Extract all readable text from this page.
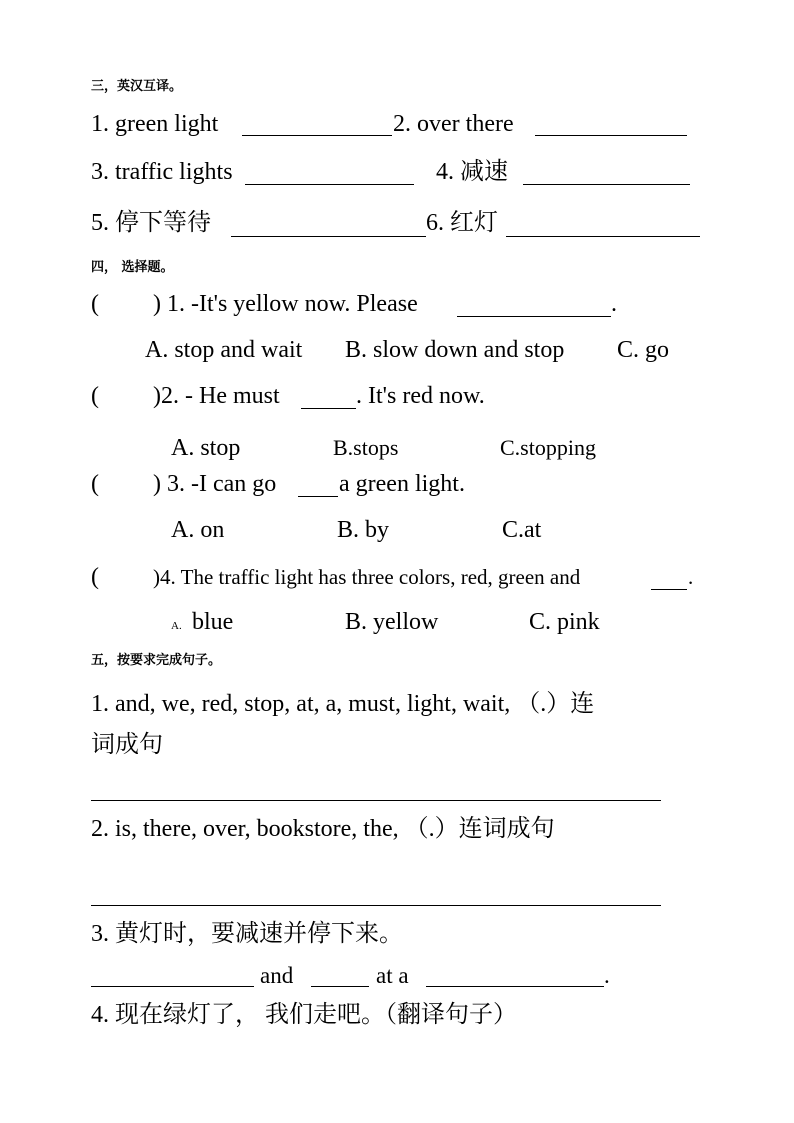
三，英汉互译。
1. green light	2. over there
3. traffic lights	4. 减速
5. 停下等待	6. 红灯
四， 选择题。
( ) 1. -It's yellow now. Please	.
A. stop and wait B. slow down and stop C. go
( )2. - He must	. It's red now.
A. stop	B.stops	C.stopping
( ) 3. -I can go	a green light.
A. on	B. by	C.at
(	)4. The traffic light has three colors, red, green and	.
A. blue	B. yellow	C. pink
五，按要求完成句子。
1. and, we, red, stop, at, a, must, light, wait, （.）连
词成句
2. is, there, over, bookstore, the, （.）连词成句
3. 黄灯时，要减速并停下来。
and	at a	.
4. 现在绿灯了， 我们走吧。（翻译句子）
